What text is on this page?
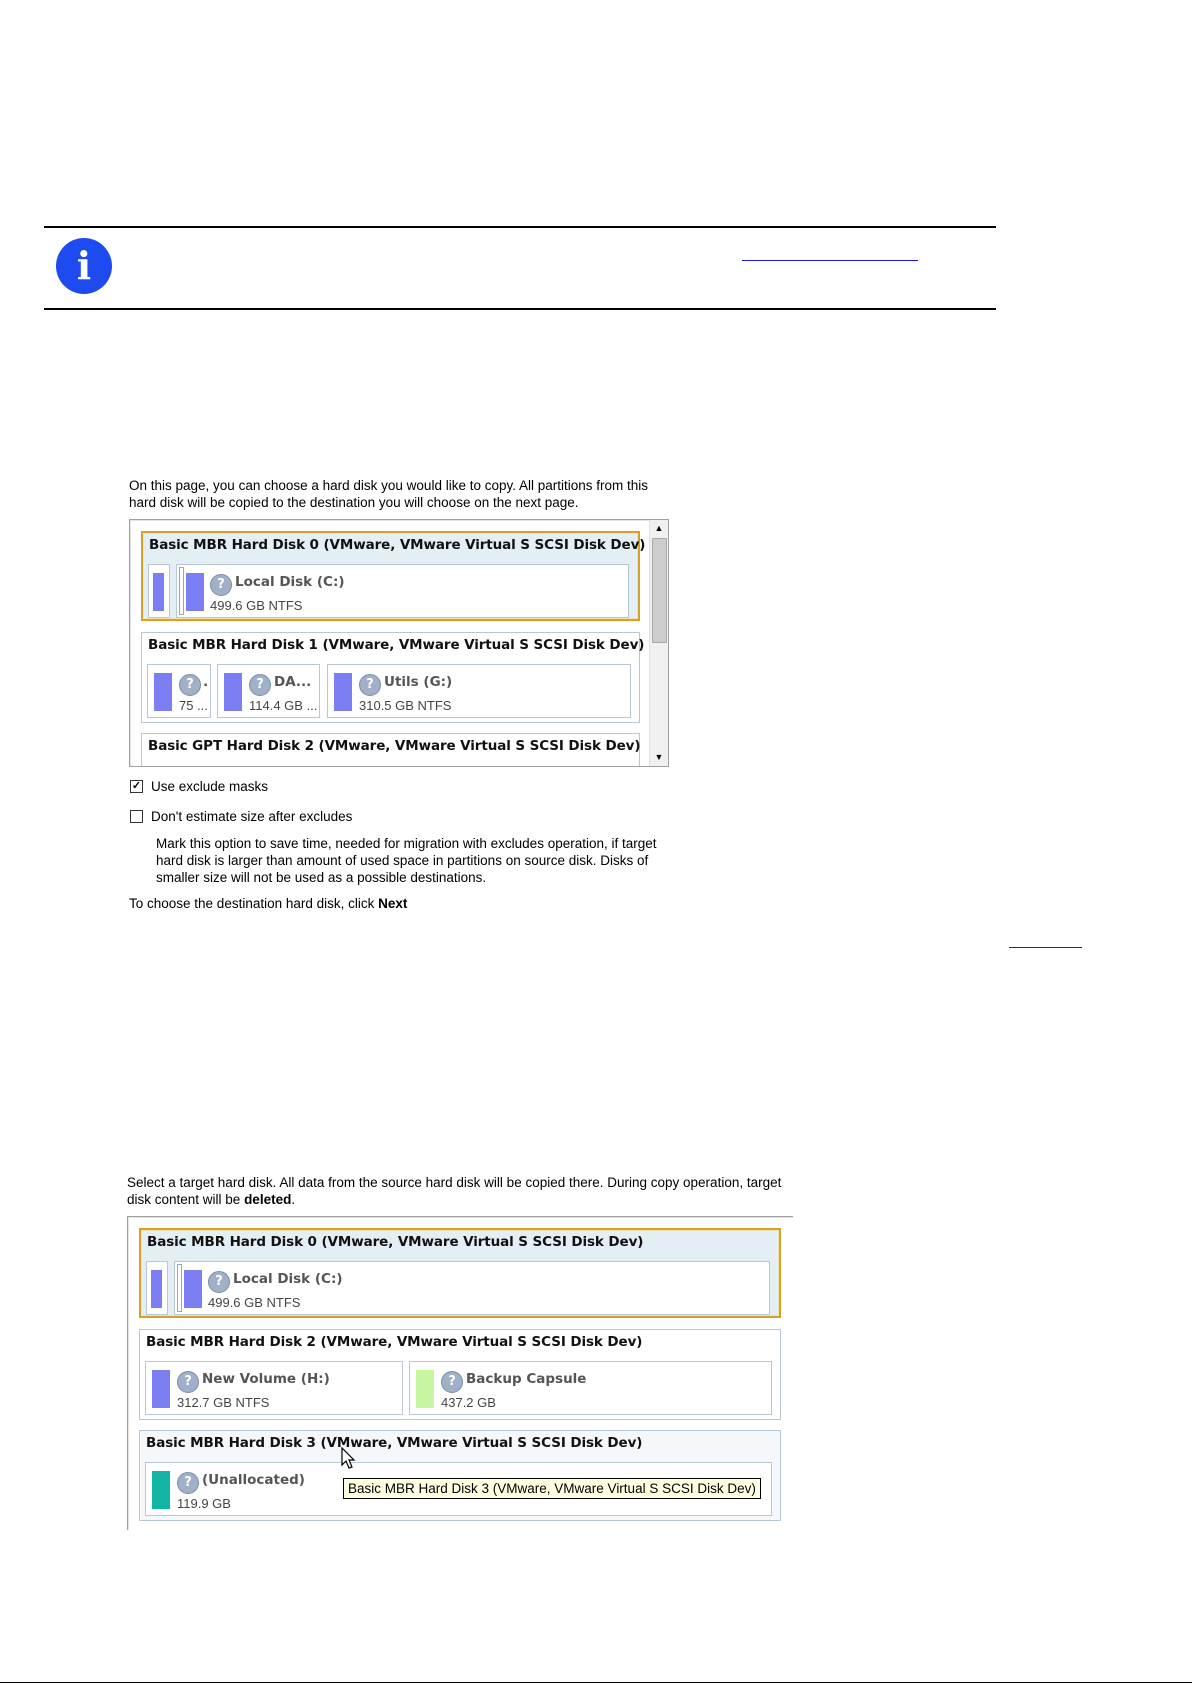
i
On this page, you can choose a hard disk you would like to copy. All partitions from this hard disk will be copied to the destination you will choose on the next page.
Basic MBR Hard Disk 0 (VMware, VMware Virtual S SCSI Disk Dev)
? Local Disk (C:)
499.6 GB NTFS
Basic MBR Hard Disk 1 (VMware, VMware Virtual S SCSI Disk Dev)
? .
75 ...
? DA...
114.4 GB ...
? Utils (G:)
310.5 GB NTFS
Basic GPT Hard Disk 2 (VMware, VMware Virtual S SCSI Disk Dev)
▲
▼
✓ Use exclude masks
Don't estimate size after excludes
Mark this option to save time, needed for migration with excludes operation, if target hard disk is larger than amount of used space in partitions on source disk. Disks of smaller size will not be used as a possible destinations.
To choose the destination hard disk, click Next
Select a target hard disk. All data from the source hard disk will be copied there. During copy operation, target disk content will be deleted.
Basic MBR Hard Disk 0 (VMware, VMware Virtual S SCSI Disk Dev)
? Local Disk (C:)
499.6 GB NTFS
Basic MBR Hard Disk 2 (VMware, VMware Virtual S SCSI Disk Dev)
? New Volume (H:)
312.7 GB NTFS
? Backup Capsule
437.2 GB
Basic MBR Hard Disk 3 (VMware, VMware Virtual S SCSI Disk Dev)
? (Unallocated)
119.9 GB
Basic MBR Hard Disk 3 (VMware, VMware Virtual S SCSI Disk Dev)
